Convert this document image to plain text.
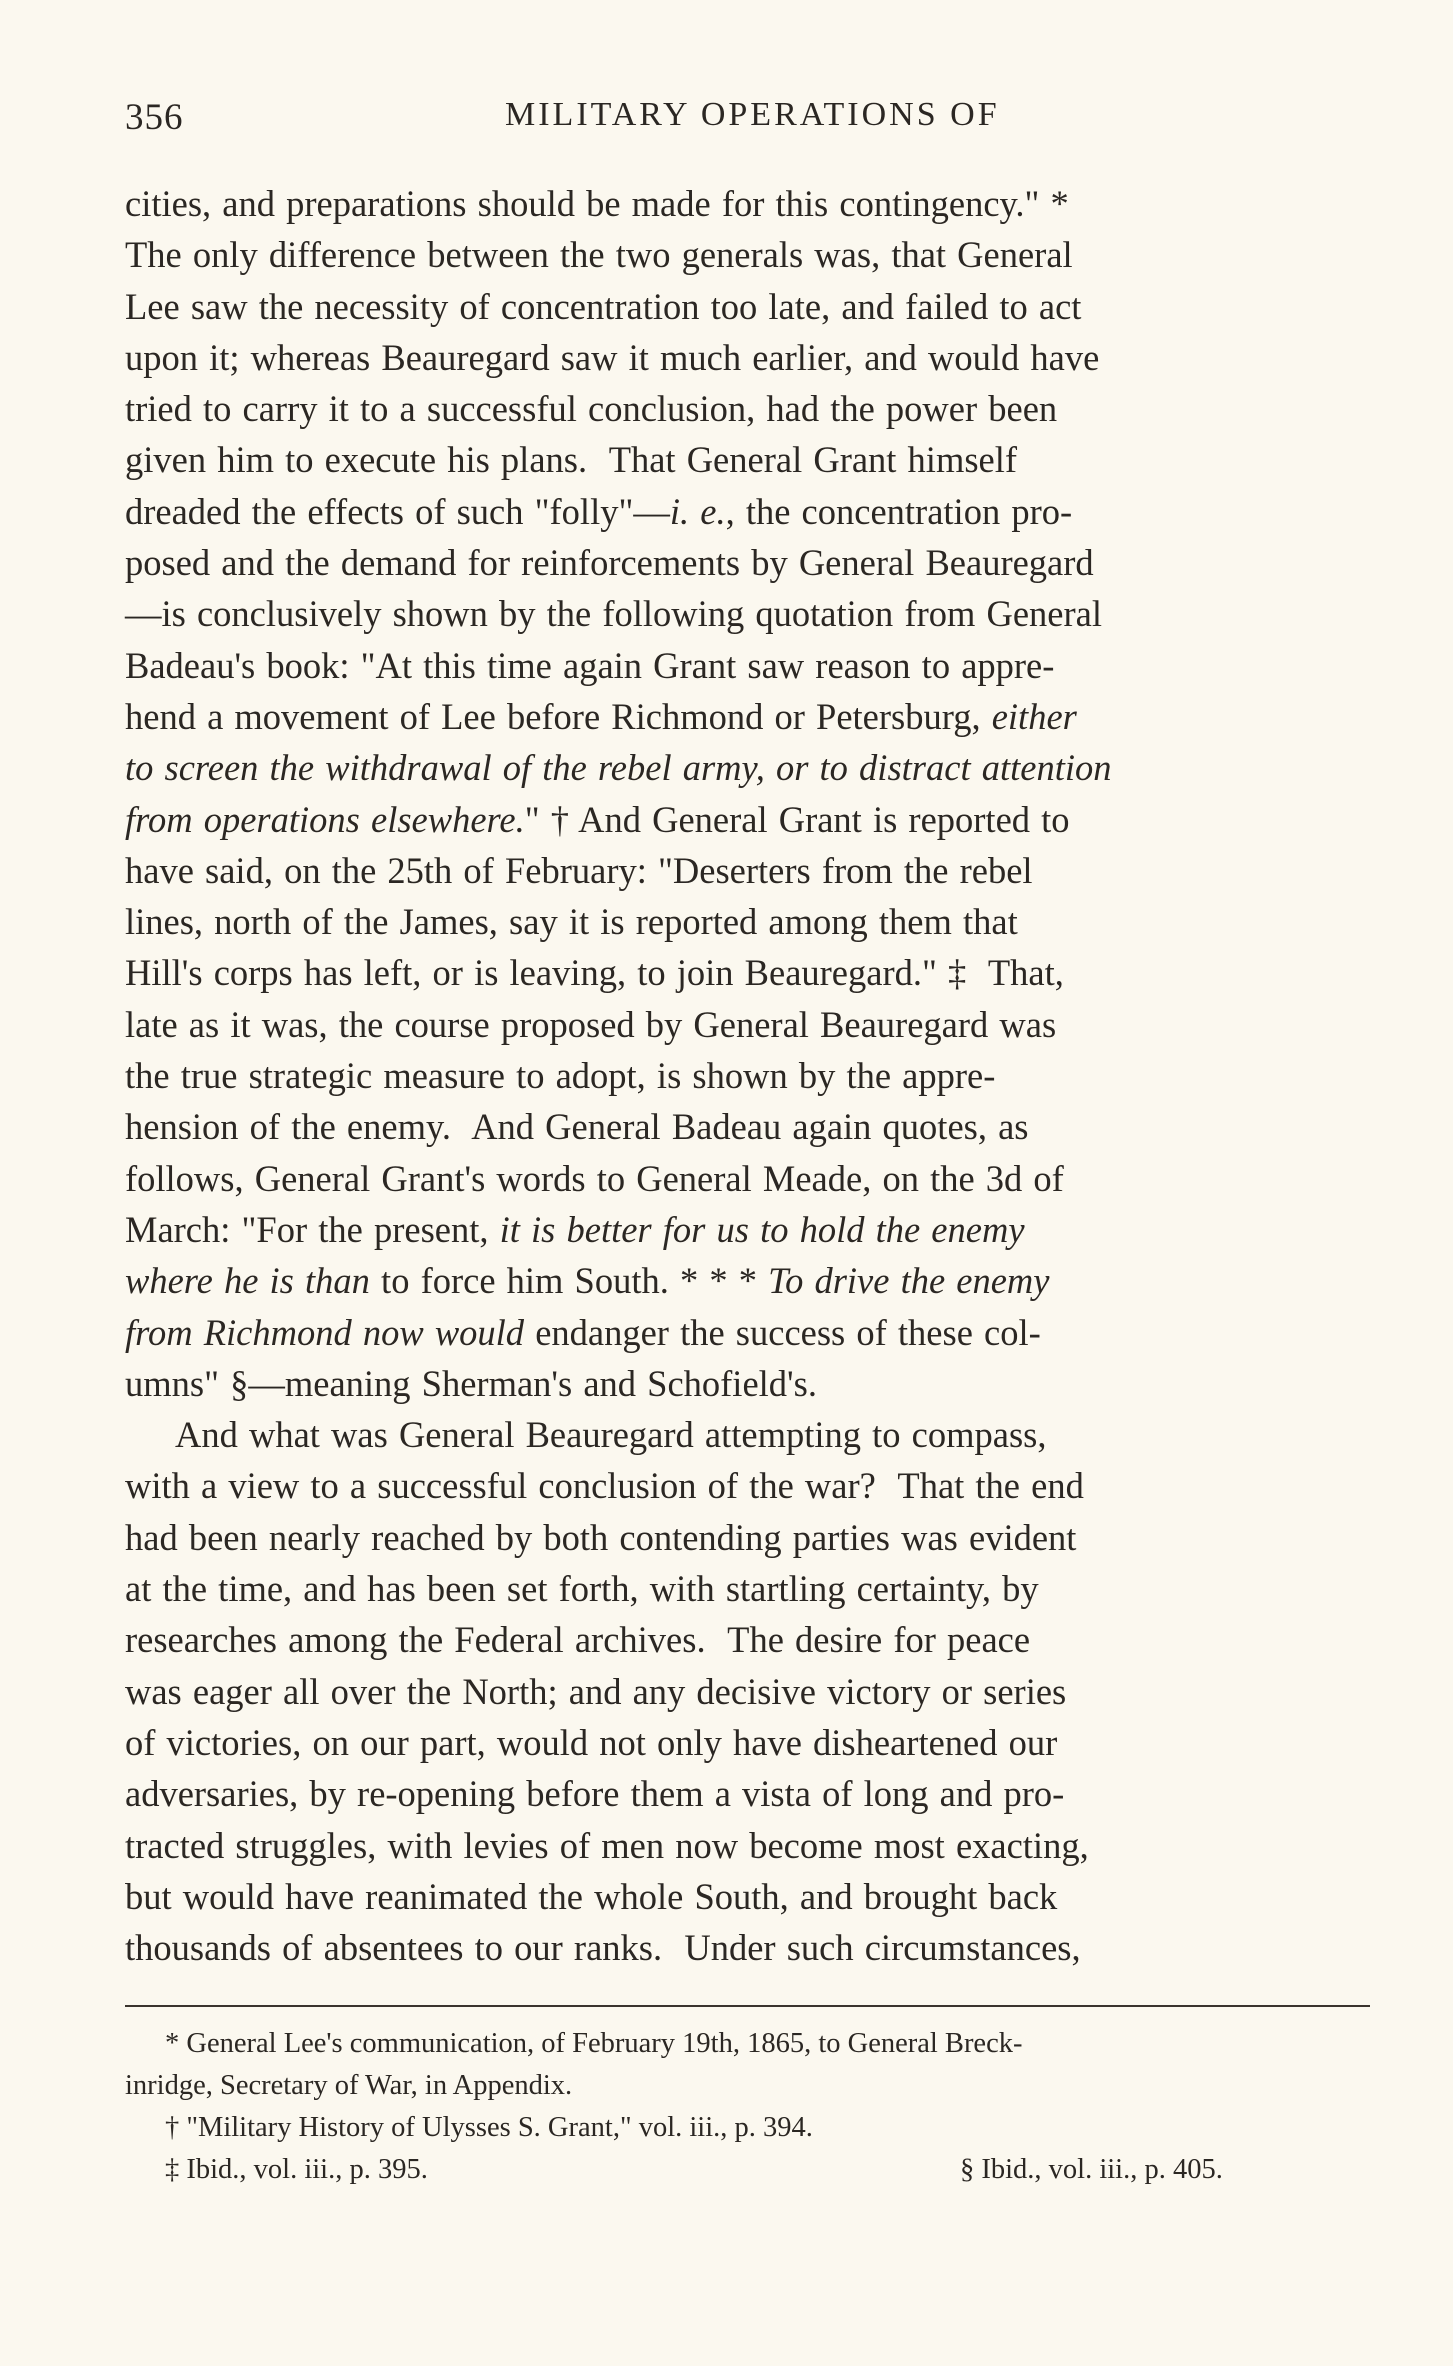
356	MILITARY OPERATIONS OF
cities, and preparations should be made for this contingency." *
The only difference between the two generals was, that General
Lee saw the necessity of concentration too late, and failed to act
upon it; whereas Beauregard saw it much earlier, and would have
tried to carry it to a successful conclusion, had the power been
given him to execute his plans.  That General Grant himself
dreaded the effects of such "folly"—i. e., the concentration pro-
posed and the demand for reinforcements by General Beauregard
—is conclusively shown by the following quotation from General
Badeau's book: "At this time again Grant saw reason to appre-
hend a movement of Lee before Richmond or Petersburg, either
to screen the withdrawal of the rebel army, or to distract attention
from operations elsewhere." † And General Grant is reported to
have said, on the 25th of February: "Deserters from the rebel
lines, north of the James, say it is reported among them that
Hill's corps has left, or is leaving, to join Beauregard." ‡  That,
late as it was, the course proposed by General Beauregard was
the true strategic measure to adopt, is shown by the appre-
hension of the enemy.  And General Badeau again quotes, as
follows, General Grant's words to General Meade, on the 3d of
March: "For the present, it is better for us to hold the enemy
where he is than to force him South. * * * To drive the enemy
from Richmond now would endanger the success of these col-
umns" §—meaning Sherman's and Schofield's.
And what was General Beauregard attempting to compass,
with a view to a successful conclusion of the war?  That the end
had been nearly reached by both contending parties was evident
at the time, and has been set forth, with startling certainty, by
researches among the Federal archives.  The desire for peace
was eager all over the North; and any decisive victory or series
of victories, on our part, would not only have disheartened our
adversaries, by re-opening before them a vista of long and pro-
tracted struggles, with levies of men now become most exacting,
but would have reanimated the whole South, and brought back
thousands of absentees to our ranks.  Under such circumstances,
* General Lee's communication, of February 19th, 1865, to General Breck-
inridge, Secretary of War, in Appendix.
† "Military History of Ulysses S. Grant," vol. iii., p. 394.
‡ Ibid., vol. iii., p. 395.	§ Ibid., vol. iii., p. 405.
